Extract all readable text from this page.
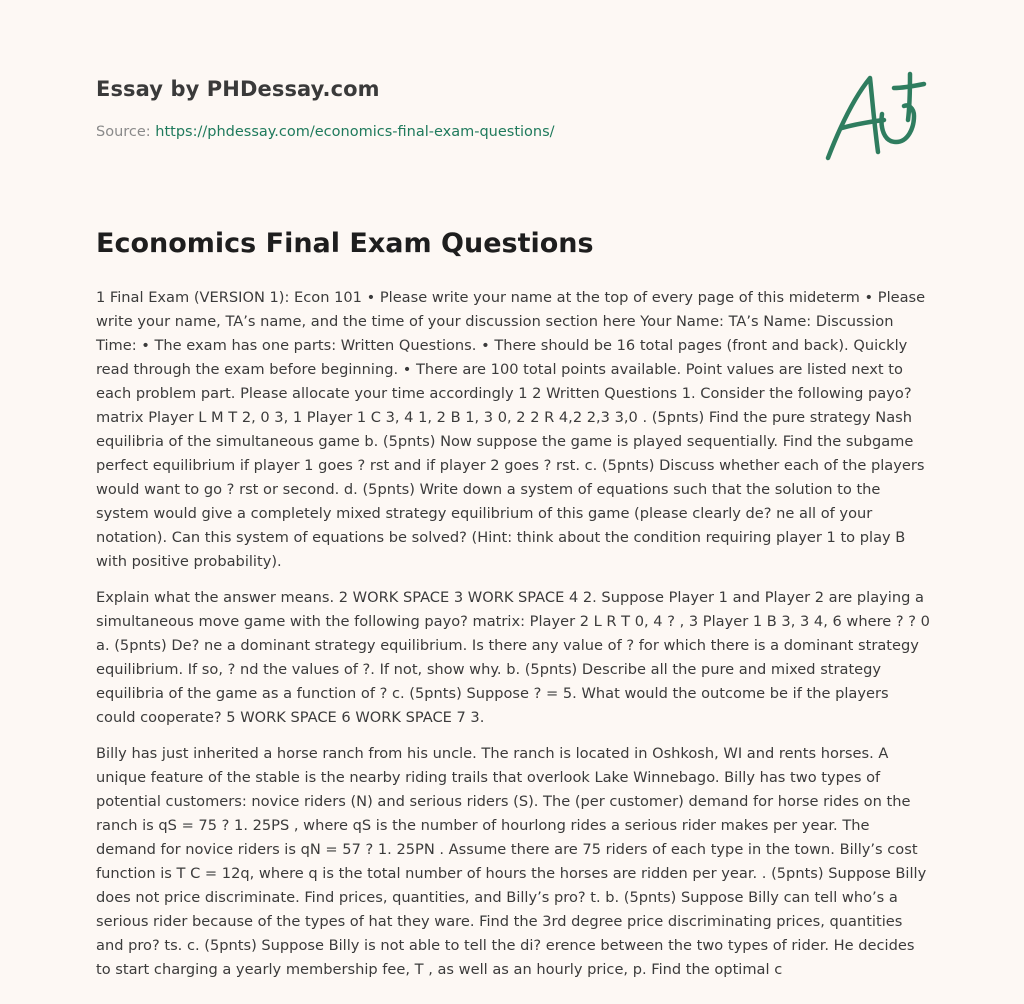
Essay by PHDessay.com
Source: https://phdessay.com/economics-final-exam-questions/
Economics Final Exam Questions

1 Final Exam (VERSION 1): Econ 101 • Please write your name at the top of every page of this mideterm • Please write your name, TA’s name, and the time of your discussion section here Your Name: TA’s Name: Discussion Time: • The exam has one parts: Written Questions. • There should be 16 total pages (front and back). Quickly read through the exam before beginning. • There are 100 total points available. Point values are listed next to each problem part. Please allocate your time accordingly 1 2 Written Questions 1. Consider the following payo? matrix Player L M T 2, 0 3, 1 Player 1 C 3, 4 1, 2 B 1, 3 0, 2 2 R 4,2 2,3 3,0 . (5pnts) Find the pure strategy Nash equilibria of the simultaneous game b. (5pnts) Now suppose the game is played sequentially. Find the subgame perfect equilibrium if player 1 goes ? rst and if player 2 goes ? rst. c. (5pnts) Discuss whether each of the players would want to go ? rst or second. d. (5pnts) Write down a system of equations such that the solution to the system would give a completely mixed strategy equilibrium of this game (please clearly de? ne all of your notation). Can this system of equations be solved? (Hint: think about the condition requiring player 1 to play B with positive probability).

Explain what the answer means. 2 WORK SPACE 3 WORK SPACE 4 2. Suppose Player 1 and Player 2 are playing a simultaneous move game with the following payo? matrix: Player 2 L R T 0, 4 ? , 3 Player 1 B 3, 3 4, 6 where ? ? 0 a. (5pnts) De? ne a dominant strategy equilibrium. Is there any value of ? for which there is a dominant strategy equilibrium. If so, ? nd the values of ?. If not, show why. b. (5pnts) Describe all the pure and mixed strategy equilibria of the game as a function of ? c. (5pnts) Suppose ? = 5. What would the outcome be if the players could cooperate? 5 WORK SPACE 6 WORK SPACE 7 3.

Billy has just inherited a horse ranch from his uncle. The ranch is located in Oshkosh, WI and rents horses. A unique feature of the stable is the nearby riding trails that overlook Lake Winnebago. Billy has two types of potential customers: novice riders (N) and serious riders (S). The (per customer) demand for horse rides on the ranch is qS = 75 ? 1. 25PS , where qS is the number of hourlong rides a serious rider makes per year. The demand for novice riders is qN = 57 ? 1. 25PN . Assume there are 75 riders of each type in the town. Billy’s cost function is T C = 12q, where q is the total number of hours the horses are ridden per year. . (5pnts) Suppose Billy does not price discriminate. Find prices, quantities, and Billy’s pro? t. b. (5pnts) Suppose Billy can tell who’s a serious rider because of the types of hat they ware. Find the 3rd degree price discriminating prices, quantities and pro? ts. c. (5pnts) Suppose Billy is not able to tell the di? erence between the two types of rider. He decides to start charging a yearly membership fee, T , as well as an hourly price, p. Find the optimal c
